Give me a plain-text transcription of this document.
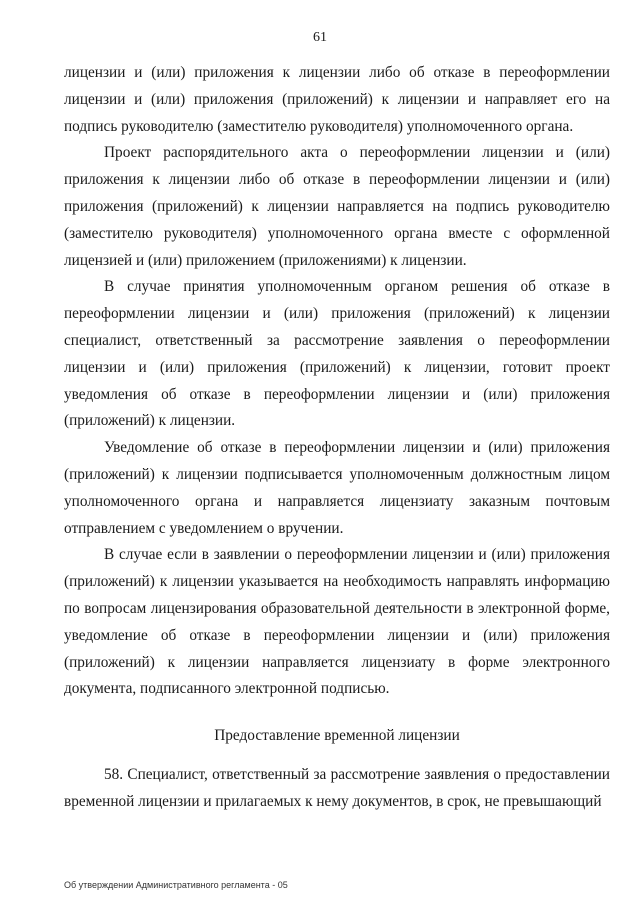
61

лицензии и (или) приложения к лицензии либо об отказе в переоформлении лицензии и (или) приложения (приложений) к лицензии и направляет его на подпись руководителю (заместителю руководителя) уполномоченного органа.

Проект распорядительного акта о переоформлении лицензии и (или) приложения к лицензии либо об отказе в переоформлении лицензии и (или) приложения (приложений) к лицензии направляется на подпись руководителю (заместителю руководителя) уполномоченного органа вместе с оформленной лицензией и (или) приложением (приложениями) к лицензии.

В случае принятия уполномоченным органом решения об отказе в переоформлении лицензии и (или) приложения (приложений) к лицензии специалист, ответственный за рассмотрение заявления о переоформлении лицензии и (или) приложения (приложений) к лицензии, готовит проект уведомления об отказе в переоформлении лицензии и (или) приложения (приложений) к лицензии.

Уведомление об отказе в переоформлении лицензии и (или) приложения (приложений) к лицензии подписывается уполномоченным должностным лицом уполномоченного органа и направляется лицензиату заказным почтовым отправлением с уведомлением о вручении.

В случае если в заявлении о переоформлении лицензии и (или) приложения (приложений) к лицензии указывается на необходимость направлять информацию по вопросам лицензирования образовательной деятельности в электронной форме, уведомление об отказе в переоформлении лицензии и (или) приложения (приложений) к лицензии направляется лицензиату в форме электронного документа, подписанного электронной подписью.

Предоставление временной лицензии

58. Специалист, ответственный за рассмотрение заявления о предоставлении временной лицензии и прилагаемых к нему документов, в срок, не превышающий

Об утверждении Административного регламента - 05
